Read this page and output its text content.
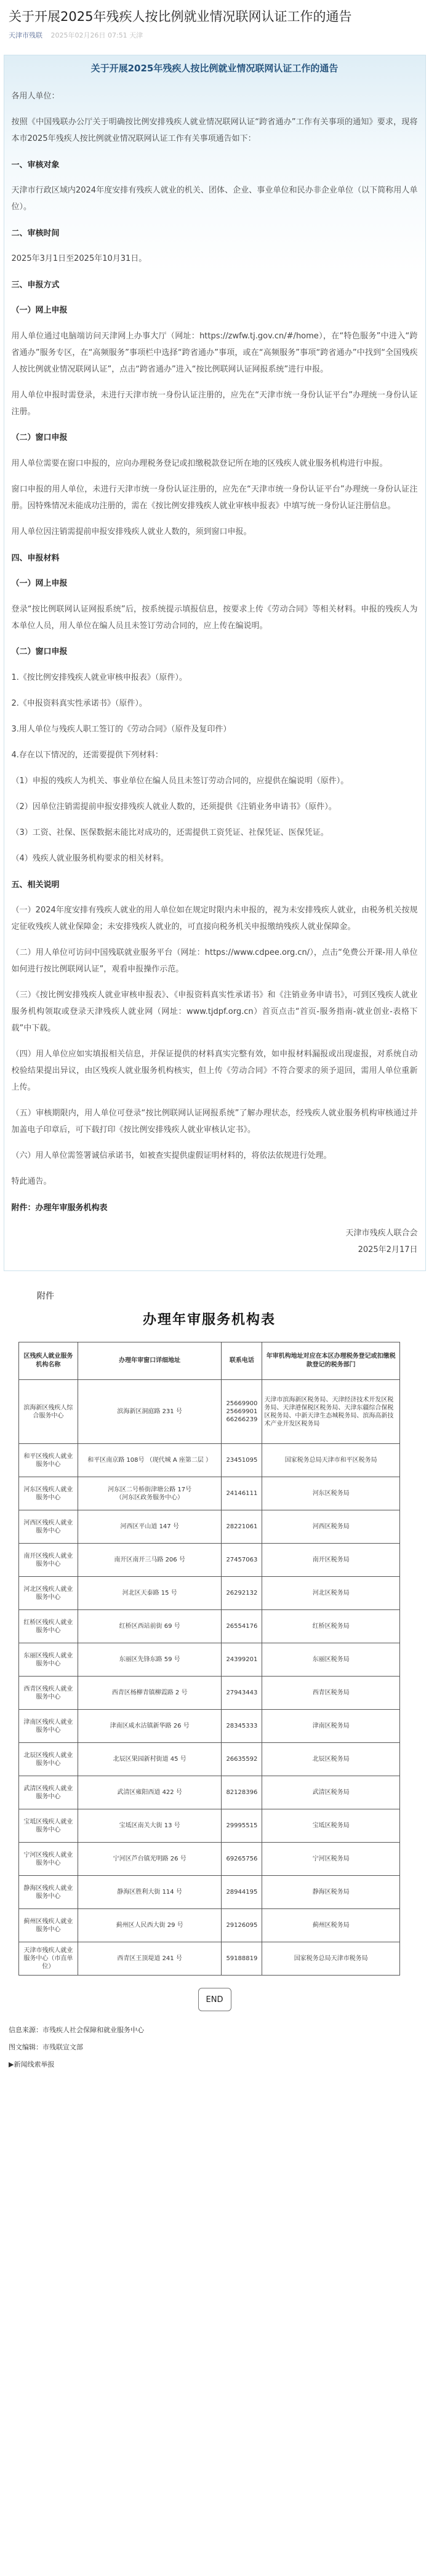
关于开展2025年残疾人按比例就业情况联网认证工作的通告
天津市残联 2025年02月26日 07:51 天津
关于开展2025年残疾人按比例就业情况联网认证工作的通告

各用人单位：

按照《中国残联办公厅关于明确按比例安排残疾人就业情况联网认证“跨省通办”工作有关事项的通知》要求，现将本市2025年残疾人按比例就业情况联网认证工作有关事项通告如下：

一、审核对象

天津市行政区域内2024年度安排有残疾人就业的机关、团体、企业、事业单位和民办非企业单位（以下简称用人单位）。

二、审核时间

2025年3月1日至2025年10月31日。

三、申报方式

（一）网上申报

用人单位通过电脑端访问天津网上办事大厅（网址：https://zwfw.tj.gov.cn/#/home），在“特色服务”中进入“跨省通办”服务专区，在“高频服务”事项栏中选择“跨省通办”事项，或在“高频服务”事项“跨省通办”中找到“全国残疾人按比例就业情况联网认证”，点击“跨省通办”进入“按比例联网认证网报系统”进行申报。

用人单位申报时需登录，未进行天津市统一身份认证注册的，应先在“天津市统一身份认证平台”办理统一身份认证注册。

（二）窗口申报

用人单位需要在窗口申报的，应向办理税务登记或扣缴税款登记所在地的区残疾人就业服务机构进行申报。

窗口申报的用人单位，未进行天津市统一身份认证注册的，应先在“天津市统一身份认证平台”办理统一身份认证注册。因特殊情况未能成功注册的，需在《按比例安排残疾人就业审核申报表》中填写统一身份认证注册信息。

用人单位因注销需提前申报安排残疾人就业人数的，须到窗口申报。

四、申报材料

（一）网上申报

登录“按比例联网认证网报系统”后，按系统提示填报信息，按要求上传《劳动合同》等相关材料。申报的残疾人为本单位人员，用人单位在编人员且未签订劳动合同的，应上传在编说明。

（二）窗口申报

1.《按比例安排残疾人就业审核申报表》（原件）。

2.《申报资料真实性承诺书》（原件）。

3.用人单位与残疾人职工签订的《劳动合同》（原件及复印件）

4.存在以下情况的，还需要提供下列材料：

（1）申报的残疾人为机关、事业单位在编人员且未签订劳动合同的，应提供在编说明（原件）。

（2）因单位注销需提前申报安排残疾人就业人数的，还须提供《注销业务申请书》（原件）。

（3）工资、社保、医保数据未能比对成功的，还需提供工资凭证、社保凭证、医保凭证。

（4）残疾人就业服务机构要求的相关材料。

五、相关说明

（一）2024年度安排有残疾人就业的用人单位如在规定时限内未申报的，视为未安排残疾人就业，由税务机关按规定征收残疾人就业保障金；未安排残疾人就业的，可直接向税务机关申报缴纳残疾人就业保障金。

（二）用人单位可访问中国残联就业服务平台（网址：https://www.cdpee.org.cn/），点击“免费公开课-用人单位如何进行按比例联网认证”，观看申报操作示范。

（三）《按比例安排残疾人就业审核申报表》、《申报资料真实性承诺书》和《注销业务申请书》，可到区残疾人就业服务机构领取或登录天津残疾人就业网（网址：www.tjdpf.org.cn）首页点击“首页-服务指南-就业创业-表格下载”中下载。

（四）用人单位应如实填报相关信息，并保证提供的材料真实完整有效，如申报材料漏报或出现虚报，对系统自动校验结果提出异议，由区残疾人就业服务机构核实，但上传《劳动合同》不符合要求的须予退回，需用人单位重新上传。

（五）审核期限内，用人单位可登录“按比例联网认证网报系统”了解办理状态，经残疾人就业服务机构审核通过并加盖电子印章后，可下载打印《按比例安排残疾人就业审核认定书》。

（六）用人单位需签署诚信承诺书，如被查实提供虚假证明材料的，将依法依规进行处理。

特此通告。

附件：办理年审服务机构表

天津市残疾人联合会

2025年2月17日

附件
办理年审服务机构表
区残疾人就业服务机构名称	办理年审窗口详细地址	联系电话	年审机构地址对应在本区办理税务登记或扣缴税款登记的税务部门
滨海新区残疾人综合服务中心	滨海新区洞庭路 231 号	25669900
25669901
66266239	天津市滨海新区税务局、天津经济技术开发区税务局、天津港保税区税务局、天津东疆综合保税区税务局、中新天津生态城税务局、滨海高新技术产业开发区税务局
和平区残疾人就业服务中心	和平区南京路 108号 （现代城 A 座第二层 ）	23451095	国家税务总局天津市和平区税务局
河东区残疾人就业服务中心	河东区二号桥街津塘公路 17号
（河东区政务服务中心）	24146111	河东区税务局
河西区残疾人就业服务中心	河西区平山道 147 号	28221061	河西区税务局
南开区残疾人就业服务中心	南开区南开三马路 206 号	27457063	南开区税务局
河北区残疾人就业服务中心	河北区天泰路 15 号	26292132	河北区税务局
红桥区残疾人就业服务中心	红桥区西站前街 69 号	26554176	红桥区税务局
东丽区残疾人就业服务中心	东丽区先锋东路 59 号	24399201	东丽区税务局
西青区残疾人就业服务中心	西青区杨柳青镇柳霞路 2 号	27943443	西青区税务局
津南区残疾人就业服务中心	津南区咸水沽镇新华路 26 号	28345333	津南区税务局
北辰区残疾人就业服务中心	北辰区果园新村街道 45 号	26635592	北辰区税务局
武清区残疾人就业服务中心	武清区雍阳西道 422 号	82128396	武清区税务局
宝坻区残疾人就业服务中心	宝坻区南关大街 13 号	29995515	宝坻区税务局
宁河区残疾人就业服务中心	宁河区芦台镇光明路 26 号	69265756	宁河区税务局
静海区残疾人就业服务中心	静海区胜利大街 114 号	28944195	静海区税务局
蓟州区残疾人就业服务中心	蓟州区人民西大街 29 号	29126095	蓟州区税务局
天津市残疾人就业服务中心（市直单位）	西青区王顶堤道 241 号	59188819	国家税务总局天津市税务局
END
信息来源：市残疾人社会保障和就业服务中心
图文编辑：市残联宣文部
▶新闻线索举报
